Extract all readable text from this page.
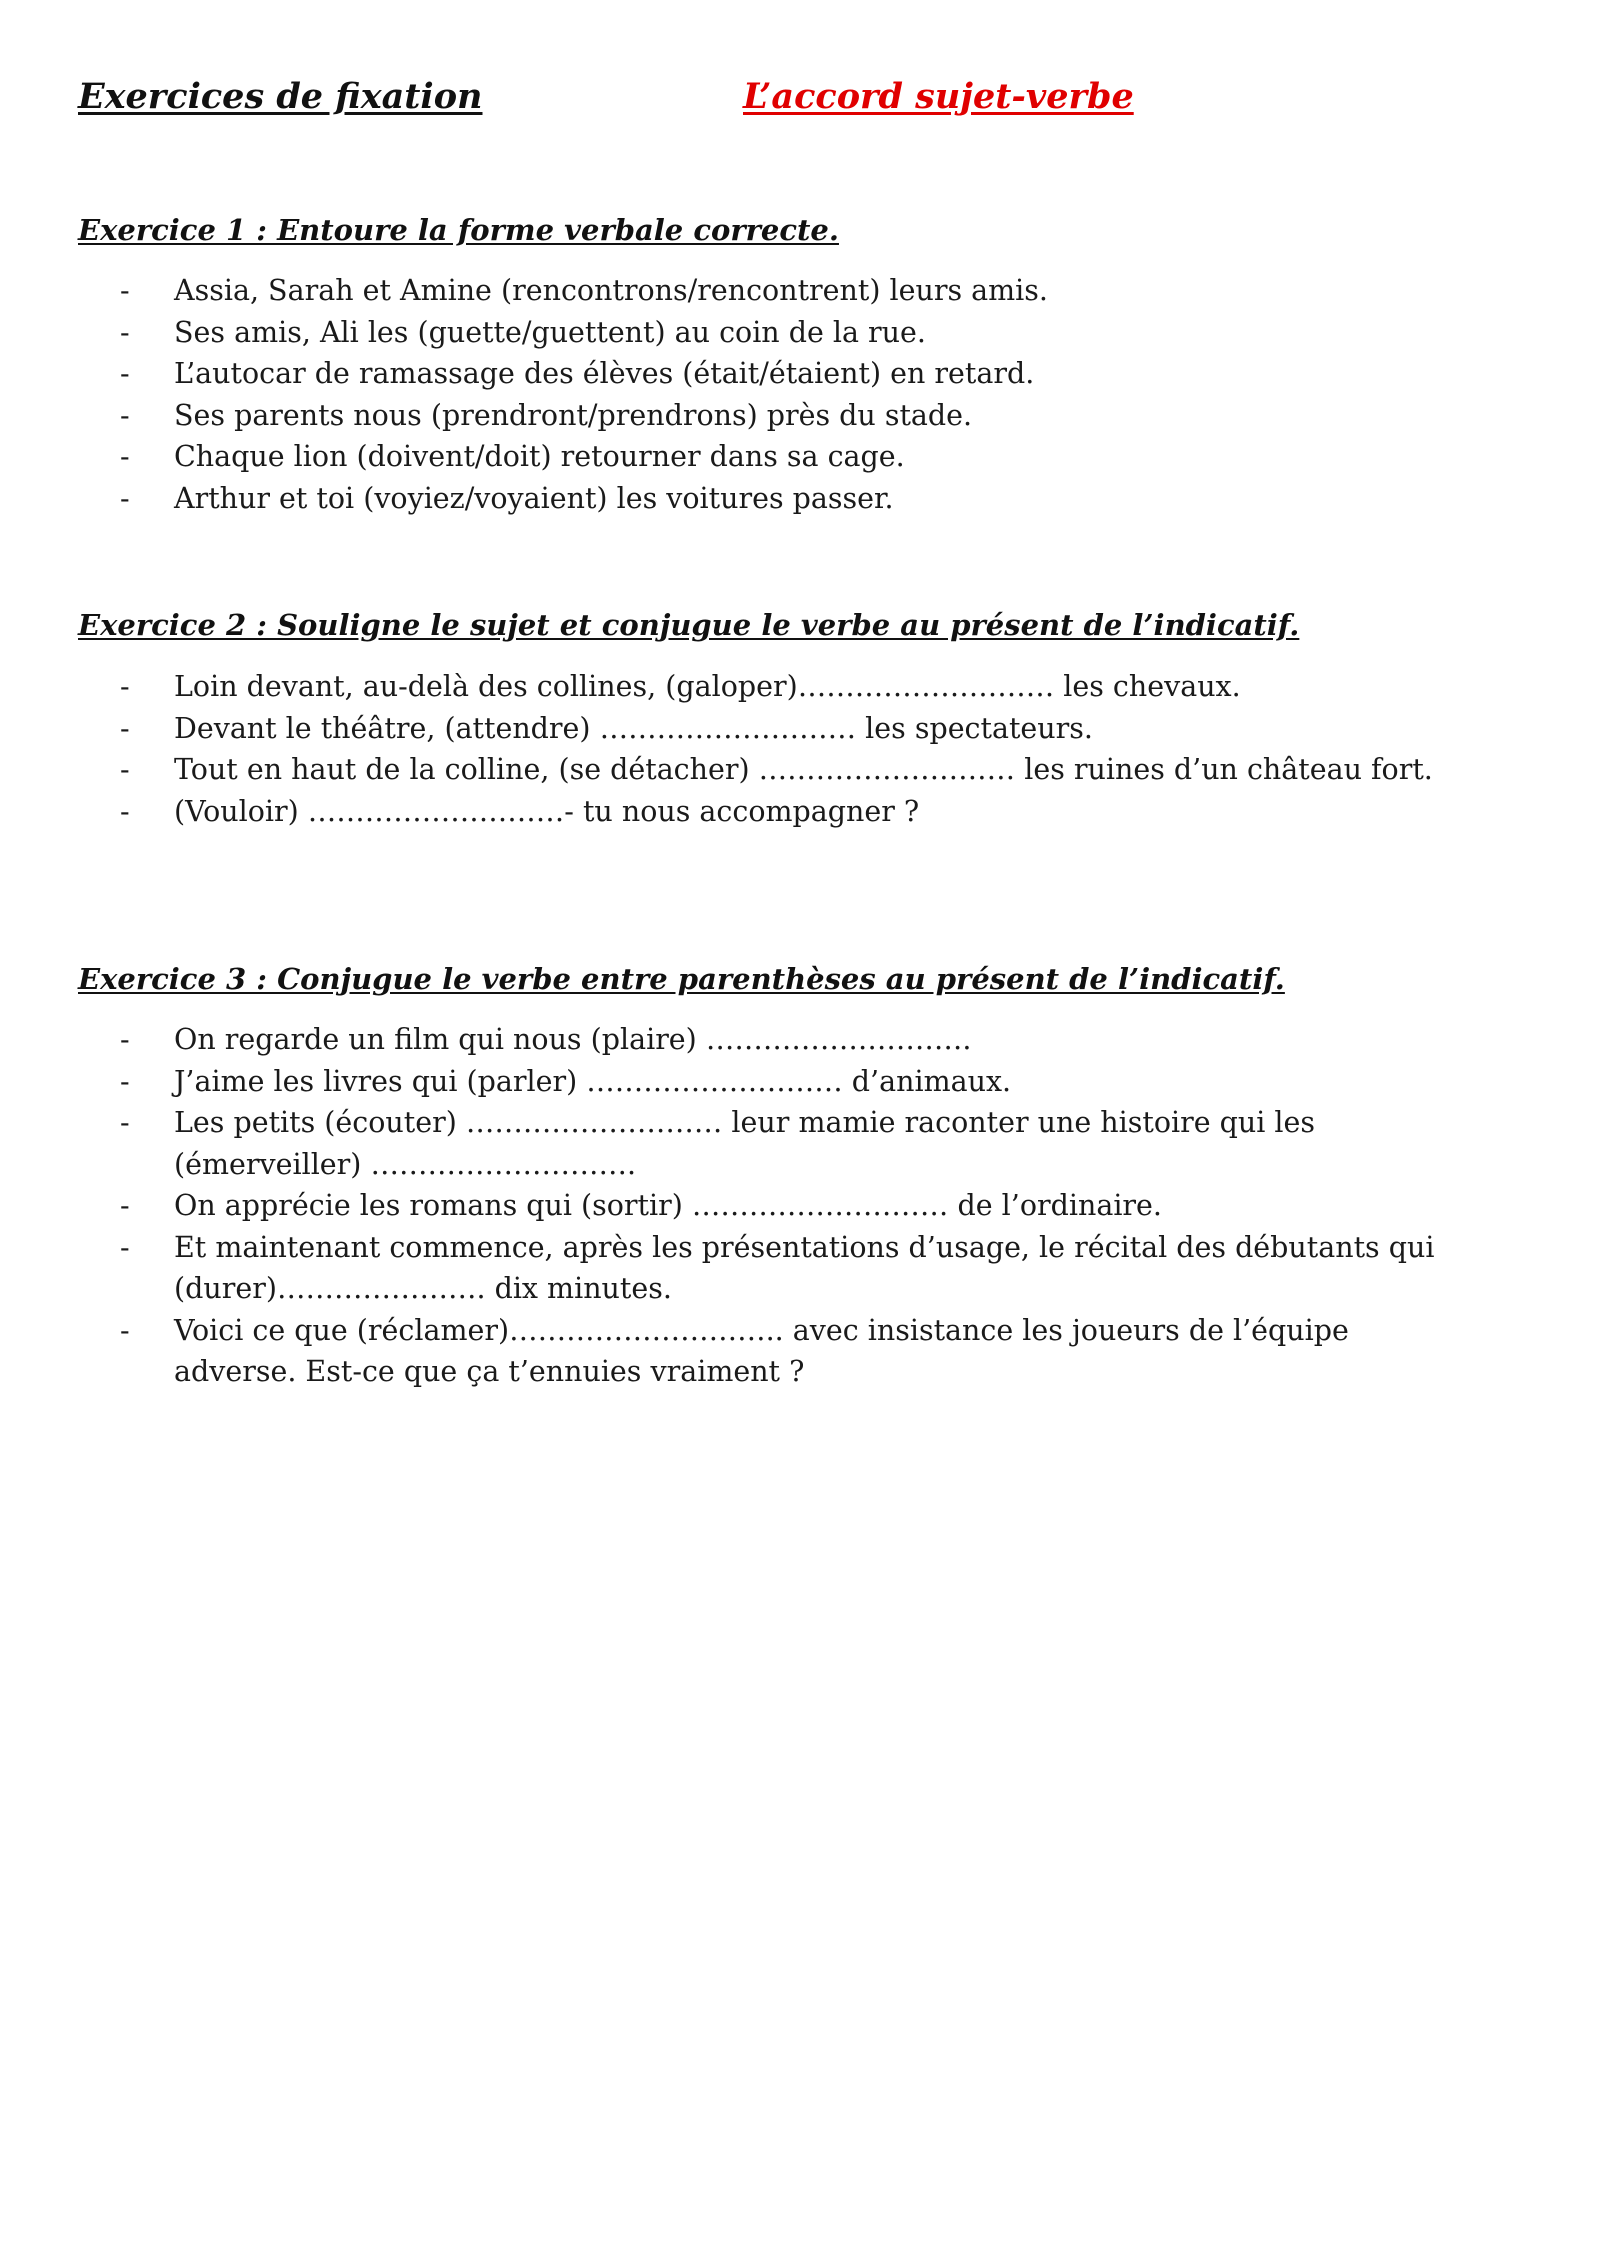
Exercices de fixation	L’accord sujet-verbe
Exercice 1 : Entoure la forme verbale correcte.
- Assia, Sarah et Amine (rencontrons/rencontrent) leurs amis.
- Ses amis, Ali les (guette/guettent) au coin de la rue.
- L’autocar de ramassage des élèves (était/étaient) en retard.
- Ses parents nous (prendront/prendrons) près du stade.
- Chaque lion (doivent/doit) retourner dans sa cage.
- Arthur et toi (voyiez/voyaient) les voitures passer.
Exercice 2 : Souligne le sujet et conjugue le verbe au présent de l’indicatif.
- Loin devant, au-delà des collines, (galoper)……………………… les chevaux.
- Devant le théâtre, (attendre) ……………………… les spectateurs.
- Tout en haut de la colline, (se détacher) ……………………… les ruines d’un château fort.
- (Vouloir) ………………………- tu nous accompagner ?
Exercice 3 : Conjugue le verbe entre parenthèses au présent de l’indicatif.
- On regarde un film qui nous (plaire) ……………………….
- J’aime les livres qui (parler) ……………………… d’animaux.
- Les petits (écouter) ……………………… leur mamie raconter une histoire qui les (émerveiller) ……………………….
- On apprécie les romans qui (sortir) ……………………… de l’ordinaire.
- Et maintenant commence, après les présentations d’usage, le récital des débutants qui (durer)…………………. dix minutes.
- Voici ce que (réclamer)……………………….. avec insistance les joueurs de l’équipe adverse. Est-ce que ça t’ennuies vraiment ?
